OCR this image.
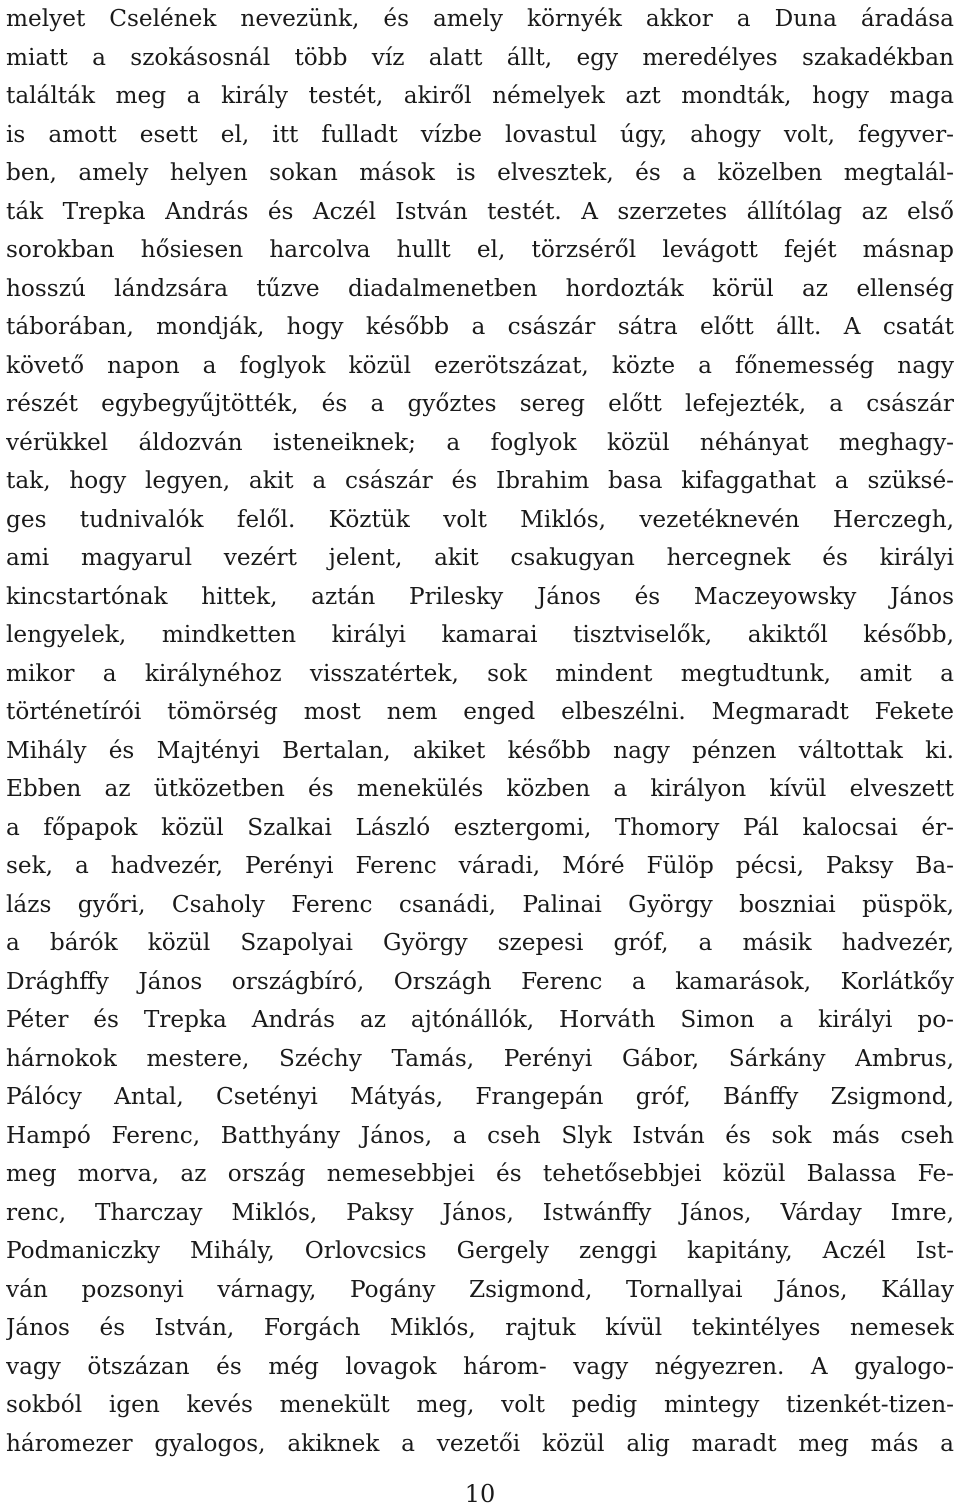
melyet Cselének nevezünk, és amely környék akkor a Duna áradása
miatt a szokásosnál több víz alatt állt, egy meredélyes szakadékban
találták meg a király testét, akiről némelyek azt mondták, hogy maga
is amott esett el, itt fulladt vízbe lovastul úgy, ahogy volt, fegyver-
ben, amely helyen sokan mások is elvesztek, és a közelben megtalál-
ták Trepka András és Aczél István testét. A szerzetes állítólag az első
sorokban hősiesen harcolva hullt el, törzséről levágott fejét másnap
hosszú lándzsára tűzve diadalmenetben hordozták körül az ellenség
táborában, mondják, hogy később a császár sátra előtt állt. A csatát
követő napon a foglyok közül ezerötszázat, közte a főnemesség nagy
részét egybegyűjtötték, és a győztes sereg előtt lefejezték, a császár
vérükkel áldozván isteneiknek; a foglyok közül néhányat meghagy-
tak, hogy legyen, akit a császár és Ibrahim basa kifaggathat a szüksé-
ges tudnivalók felől. Köztük volt Miklós, vezetéknevén Herczegh,
ami magyarul vezért jelent, akit csakugyan hercegnek és királyi
kincstartónak hittek, aztán Prilesky János és Maczeyowsky János
lengyelek, mindketten királyi kamarai tisztviselők, akiktől később,
mikor a királynéhoz visszatértek, sok mindent megtudtunk, amit a
történetírói tömörség most nem enged elbeszélni. Megmaradt Fekete
Mihály és Majtényi Bertalan, akiket később nagy pénzen váltottak ki.
Ebben az ütközetben és menekülés közben a királyon kívül elveszett
a főpapok közül Szalkai László esztergomi, Thomory Pál kalocsai ér-
sek, a hadvezér, Perényi Ferenc váradi, Móré Fülöp pécsi, Paksy Ba-
lázs győri, Csaholy Ferenc csanádi, Palinai György boszniai püspök,
a bárók közül Szapolyai György szepesi gróf, a másik hadvezér,
Drághffy János országbíró, Országh Ferenc a kamarások, Korlátkőy
Péter és Trepka András az ajtónállók, Horváth Simon a királyi po-
hárnokok mestere, Széchy Tamás, Perényi Gábor, Sárkány Ambrus,
Pálócy Antal, Csetényi Mátyás, Frangepán gróf, Bánffy Zsigmond,
Hampó Ferenc, Batthyány János, a cseh Slyk István és sok más cseh
meg morva, az ország nemesebbjei és tehetősebbjei közül Balassa Fe-
renc, Tharczay Miklós, Paksy János, Istwánffy János, Várday Imre,
Podmaniczky Mihály, Orlovcsics Gergely zenggi kapitány, Aczél Ist-
ván pozsonyi várnagy, Pogány Zsigmond, Tornallyai János, Kállay
János és István, Forgách Miklós, rajtuk kívül tekintélyes nemesek
vagy ötszázan és még lovagok három- vagy négyezren. A gyalogo-
sokból igen kevés menekült meg, volt pedig mintegy tizenkét-tizen-
háromezer gyalogos, akiknek a vezetői közül alig maradt meg más a
10
